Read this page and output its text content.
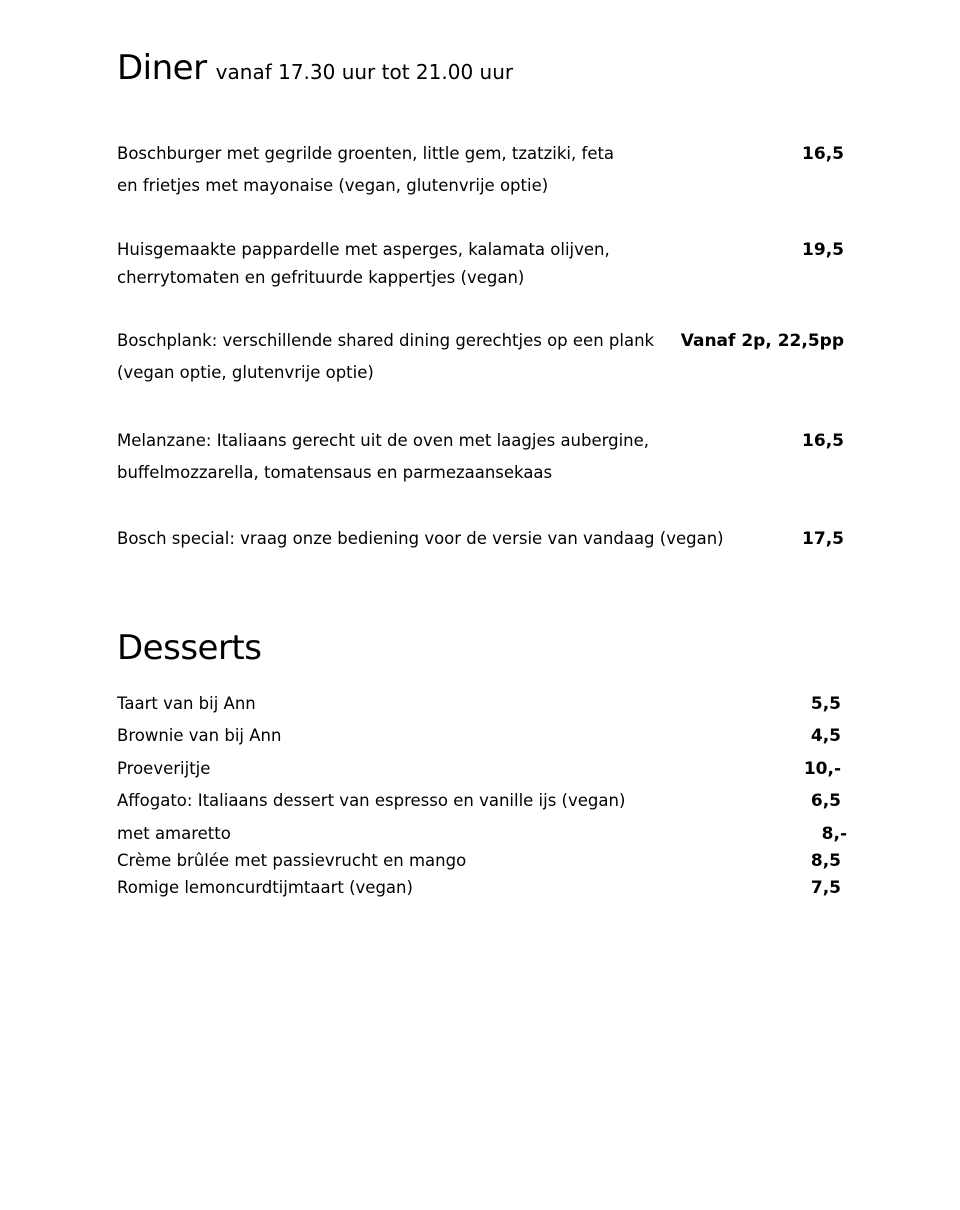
Diner vanaf 17.30 uur tot 21.00 uur
Boschburger met gegrilde groenten, little gem, tzatziki, feta
en frietjes met mayonaise (vegan, glutenvrije optie)
16,5
Huisgemaakte pappardelle met asperges, kalamata olijven,
cherrytomaten en gefrituurde kappertjes (vegan)
19,5
Boschplank: verschillende shared dining gerechtjes op een plank
(vegan optie, glutenvrije optie)
Vanaf 2p, 22,5pp
Melanzane: Italiaans gerecht uit de oven met laagjes aubergine,
buffelmozzarella, tomatensaus en parmezaansekaas
16,5
Bosch special: vraag onze bediening voor de versie van vandaag (vegan)	17,5
Desserts
Taart van bij Ann	5,5
Brownie van bij Ann	4,5
Proeverijtje	10,-
Affogato: Italiaans dessert van espresso en vanille ijs (vegan)	6,5
met amaretto	8,-
Crème brûlée met passievrucht en mango	8,5
Romige lemoncurdtijmtaart (vegan)	7,5
